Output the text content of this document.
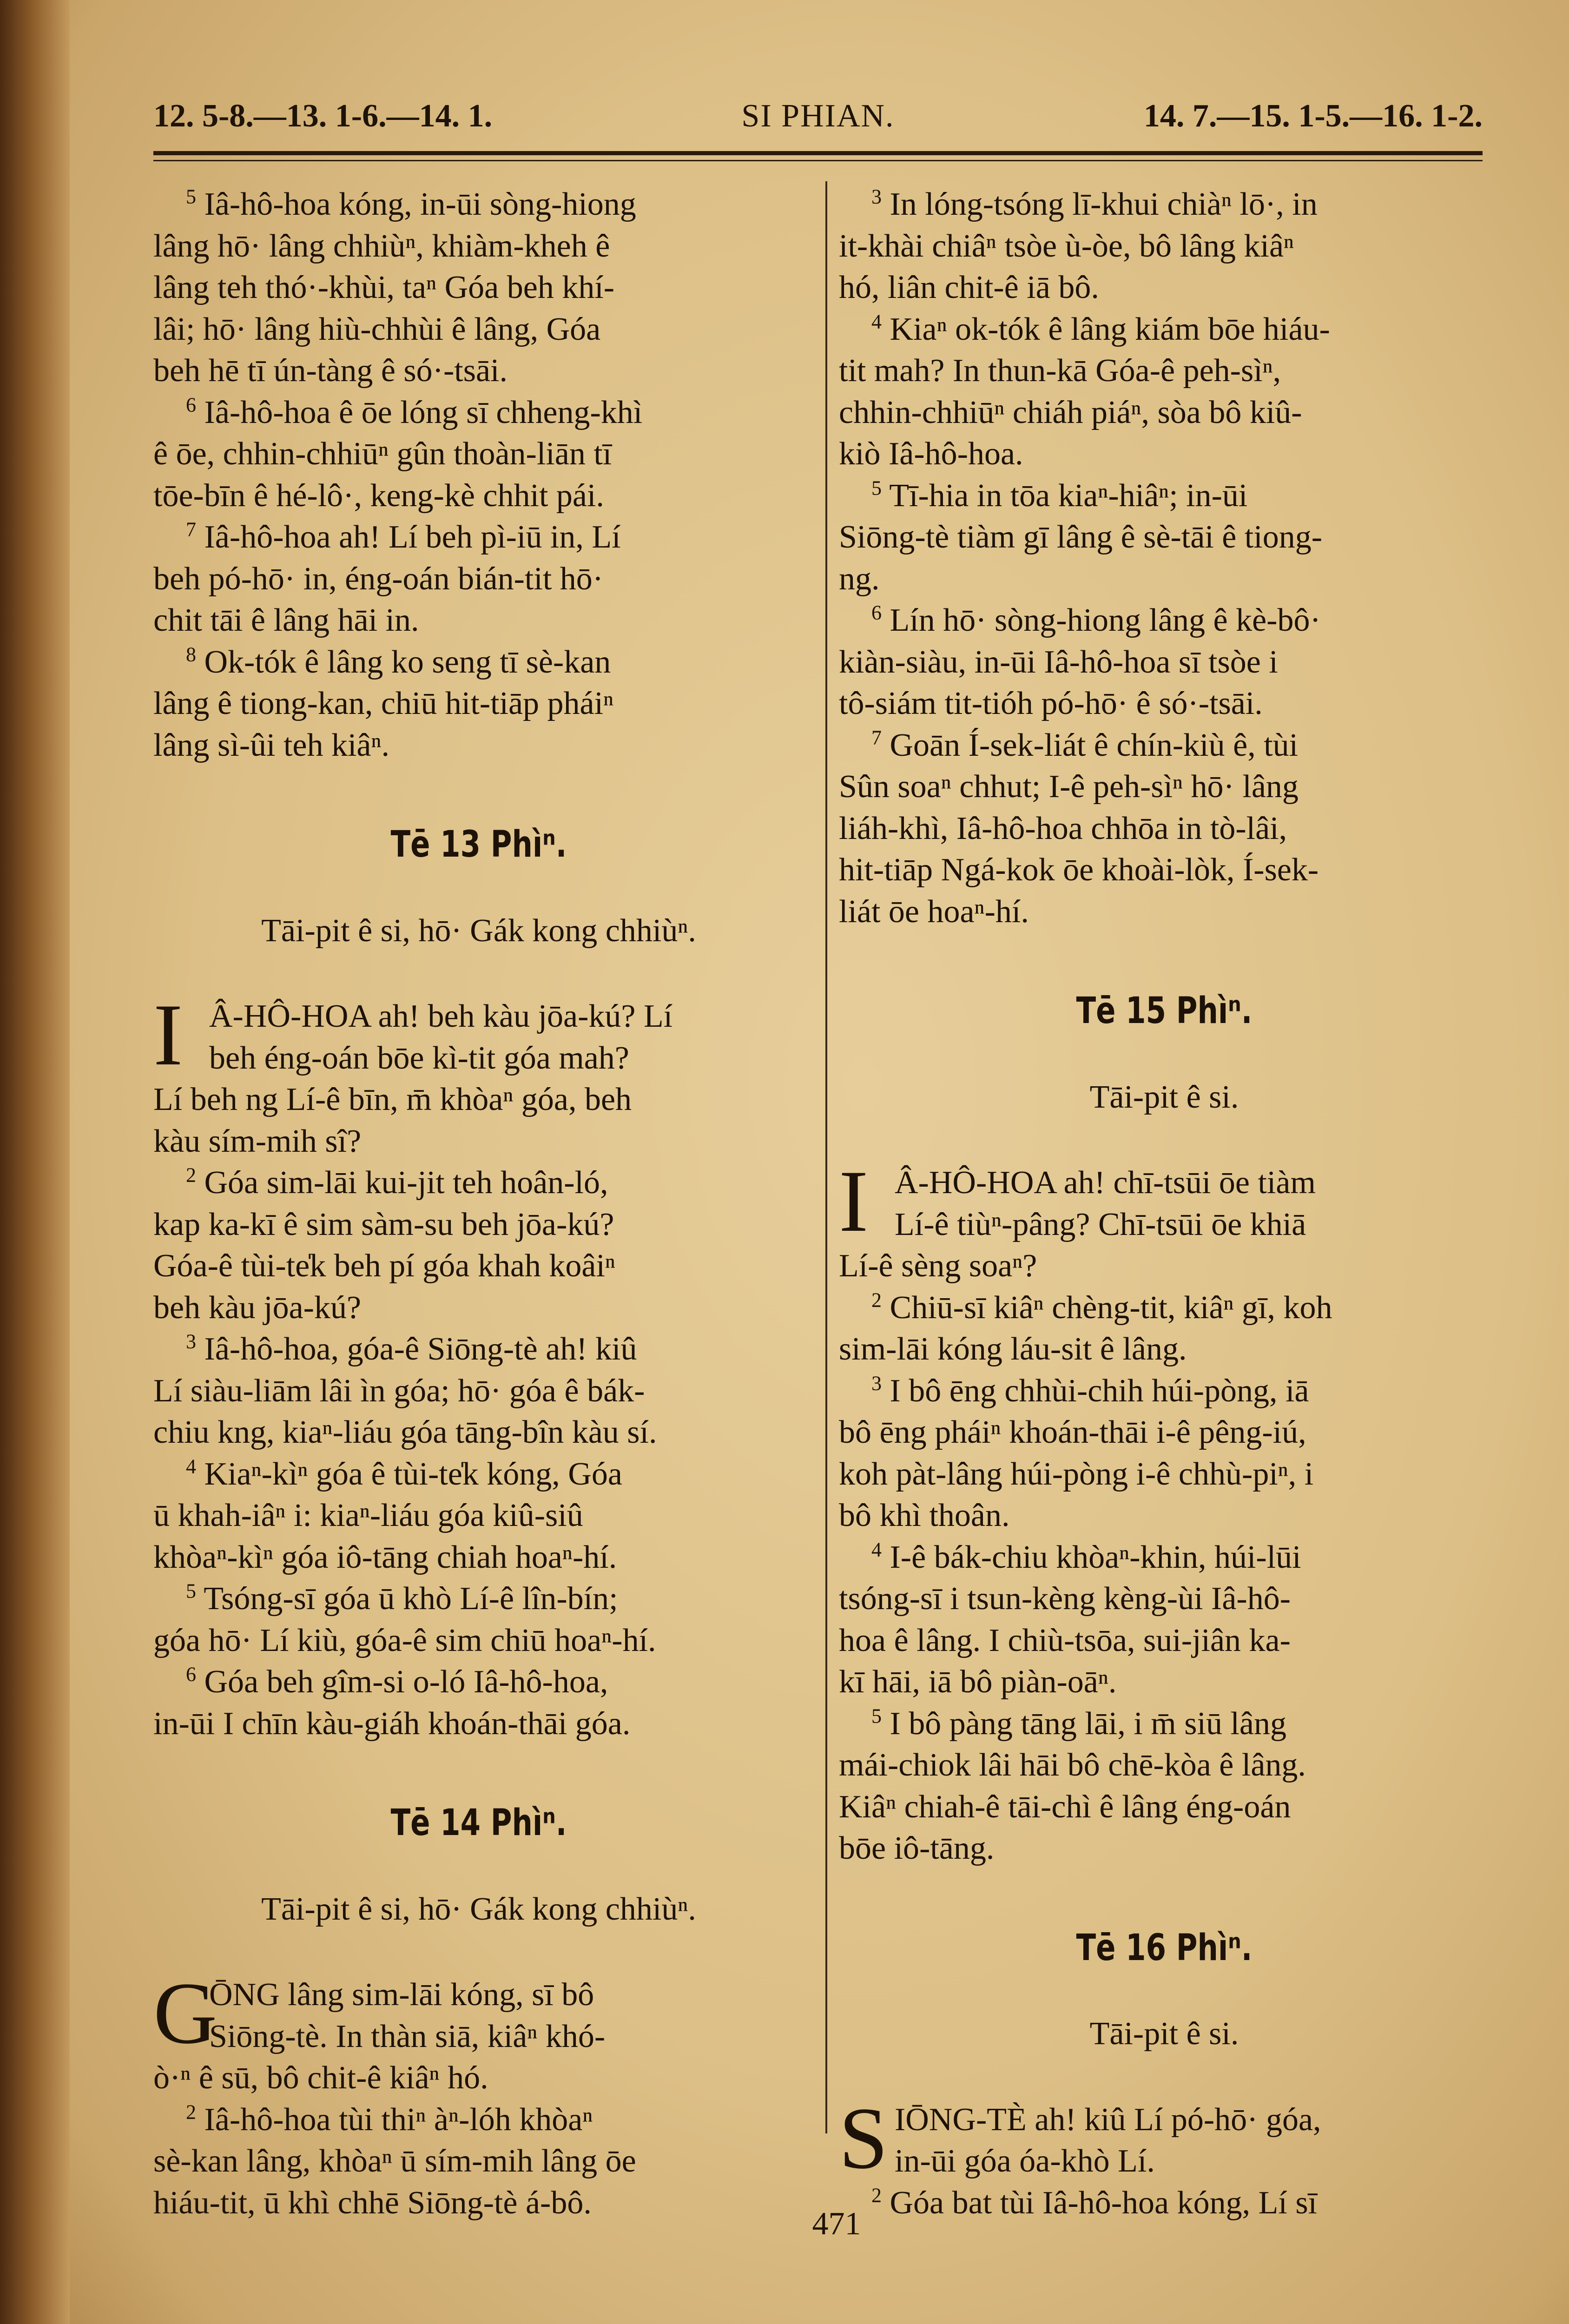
12. 5-8.—13. 1-6.—14. 1.	SI PHIAN.	14. 7.—15. 1-5.—16. 1-2.
$^5$ Iâ-hô-hoa kóng, in-ūi sòng-hiong
lâng hō· lâng chhiùⁿ, khiàm-kheh ê
lâng teh thó·-khùi, taⁿ Góa beh khí-
lâi; hō· lâng hiù-chhùi ê lâng, Góa
beh hē tī ún-tàng ê só·-tsāi.
$^6$ Iâ-hô-hoa ê ōe lóng sī chheng-khì
ê ōe, chhin-chhiūⁿ gûn thoàn-liān tī
tōe-bīn ê hé-lô·, keng-kè chhit pái.
$^7$ Iâ-hô-hoa ah! Lí beh pì-iū in, Lí
beh pó-hō· in, éng-oán bián-tit hō·
chit tāi ê lâng hāi in.
$^8$ Ok-tók ê lâng ko seng tī sè-kan
lâng ê tiong-kan, chiū hit-tiāp pháiⁿ
lâng sì-ûi teh kiâⁿ.
Tē 13 Phìⁿ.
Tāi-pit ê si, hō· Gák kong chhiùⁿ.
I Â-HÔ-HOA ah! beh kàu jōa-kú? Lí
beh éng-oán bōe kì-tit góa mah?
Lí beh ng Lí-ê bīn, m̄ khòaⁿ góa, beh
kàu sím-mih sî?
$^2$ Góa sim-lāi kui-jit teh hoân-ló,
kap ka-kī ê sim sàm-su beh jōa-kú?
Góa-ê tùi-te̍k beh pí góa khah koâiⁿ
beh kàu jōa-kú?
$^3$ Iâ-hô-hoa, góa-ê Siōng-tè ah! kiû
Lí siàu-liām lâi ìn góa; hō· góa ê bák-
chiu kng, kiaⁿ-liáu góa tāng-bîn kàu sí.
$^4$ Kiaⁿ-kìⁿ góa ê tùi-te̍k kóng, Góa
ū khah-iâⁿ i: kiaⁿ-liáu góa kiû-siû
khòaⁿ-kìⁿ góa iô-tāng chiah hoaⁿ-hí.
$^5$ Tsóng-sī góa ū khò Lí-ê lîn-bín;
góa hō· Lí kiù, góa-ê sim chiū hoaⁿ-hí.
$^6$ Góa beh gîm-si o-ló Iâ-hô-hoa,
in-ūi I chīn kàu-giáh khoán-thāi góa.
Tē 14 Phìⁿ.
Tāi-pit ê si, hō· Gák kong chhiùⁿ.
G
ŌNG lâng sim-lāi kóng, sī bô
Siōng-tè. In thàn siā, kiâⁿ khó-
ò·ⁿ ê sū, bô chit-ê kiâⁿ hó.
$^2$ Iâ-hô-hoa tùi thiⁿ àⁿ-lóh khòaⁿ
sè-kan lâng, khòaⁿ ū sím-mih lâng ōe
hiáu-tit, ū khì chhē Siōng-tè á-bô.
$^3$ In lóng-tsóng lī-khui chiàⁿ lō·, in
it-khài chiâⁿ tsòe ù-òe, bô lâng kiâⁿ
hó, liân chit-ê iā bô.
$^4$ Kiaⁿ ok-tók ê lâng kiám bōe hiáu-
tit mah? In thun-kā Góa-ê peh-sìⁿ,
chhin-chhiūⁿ chiáh piáⁿ, sòa bô kiû-
kiò Iâ-hô-hoa.
$^5$ Tī-hia in tōa kiaⁿ-hiâⁿ; in-ūi
Siōng-tè tiàm gī lâng ê sè-tāi ê tiong-
ng.
$^6$ Lín hō· sòng-hiong lâng ê kè-bô·
kiàn-siàu, in-ūi Iâ-hô-hoa sī tsòe i
tô-siám tit-tióh pó-hō· ê só·-tsāi.
$^7$ Goān Í-sek-liát ê chín-kiù ê, tùi
Sûn soaⁿ chhut; I-ê peh-sìⁿ hō· lâng
liáh-khì, Iâ-hô-hoa chhōa in tò-lâi,
hit-tiāp Ngá-kok ōe khoài-lòk, Í-sek-
liát ōe hoaⁿ-hí.
Tē 15 Phìⁿ.
Tāi-pit ê si.
I Â-HÔ-HOA ah! chī-tsūi ōe tiàm
Lí-ê tiùⁿ-pâng? Chī-tsūi ōe khiā
Lí-ê sèng soaⁿ?
$^2$ Chiū-sī kiâⁿ chèng-tit, kiâⁿ gī, koh
sim-lāi kóng láu-sit ê lâng.
$^3$ I bô ēng chhùi-chih húi-pòng, iā
bô ēng pháiⁿ khoán-thāi i-ê pêng-iú,
koh pàt-lâng húi-pòng i-ê chhù-piⁿ, i
bô khì thoân.
$^4$ I-ê bák-chiu khòaⁿ-khin, húi-lūi
tsóng-sī i tsun-kèng kèng-ùi Iâ-hô-
hoa ê lâng. I chiù-tsōa, sui-jiân ka-
kī hāi, iā bô piàn-oāⁿ.
$^5$ I bô pàng tāng lāi, i m̄ siū lâng
mái-chiok lâi hāi bô chē-kòa ê lâng.
Kiâⁿ chiah-ê tāi-chì ê lâng éng-oán
bōe iô-tāng.
Tē 16 Phìⁿ.
Tāi-pit ê si.
S IŌNG-TÈ ah! kiû Lí pó-hō· góa,
in-ūi góa óa-khò Lí.
$^2$ Góa bat tùi Iâ-hô-hoa kóng, Lí sī
471
